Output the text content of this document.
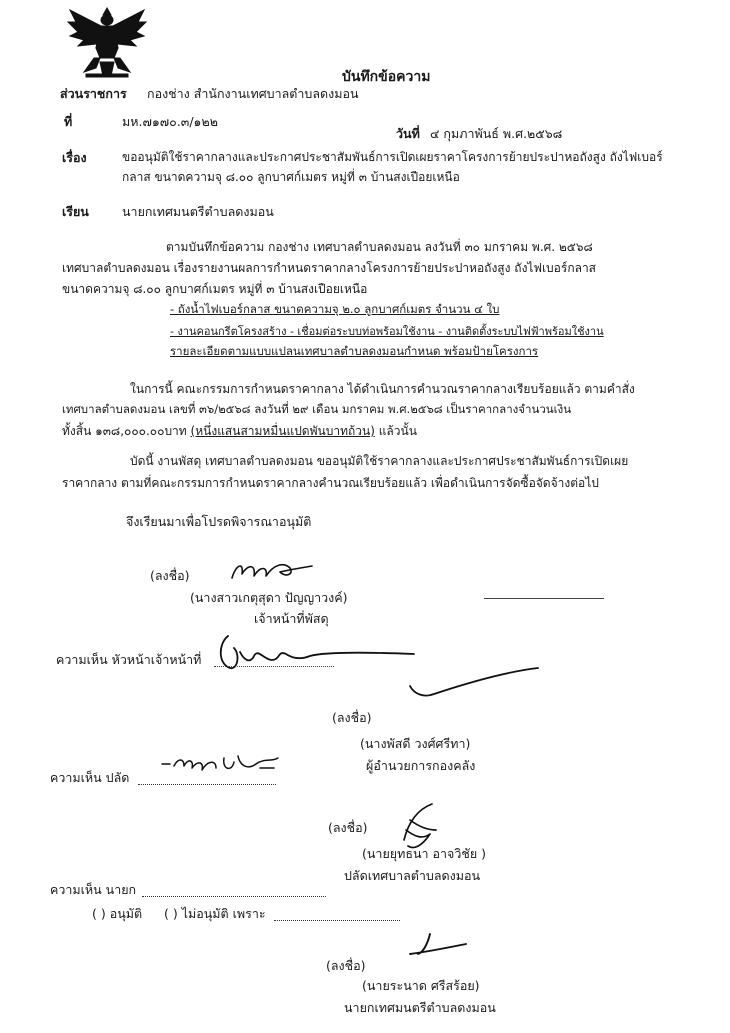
บันทึกข้อความ
ส่วนราชการ กองช่าง สำนักงานเทศบาลตำบลดงมอน
ที่	มห.๗๑๗๐.๓/๑๒๒
วันที่ ๔ กุมภาพันธ์ พ.ศ.๒๕๖๘
เรื่อง	ขออนุมัติใช้ราคากลางและประกาศประชาสัมพันธ์การเปิดเผยราคาโครงการย้ายประปาหอถังสูง ถังไฟเบอร์
กลาส ขนาดความจุ ๘.๐๐ ลูกบาศก์เมตร หมู่ที่ ๓ บ้านสงเปือยเหนือ
เรียน	นายกเทศมนตรีตำบลดงมอน
ตามบันทึกข้อความ กองช่าง เทศบาลตำบลดงมอน ลงวันที่ ๓๐ มกราคม พ.ศ. ๒๕๖๘
เทศบาลตำบลดงมอน เรื่องรายงานผลการกำหนดราคากลางโครงการย้ายประปาหอถังสูง ถังไฟเบอร์กลาส
ขนาดความจุ ๘.๐๐ ลูกบาศก์เมตร หมู่ที่ ๓ บ้านสงเปือยเหนือ
- ถังน้ำไฟเบอร์กลาส ขนาดความจุ ๒.๐ ลูกบาศก์เมตร จำนวน ๔ ใบ
- งานคอนกรีตโครงสร้าง - เชื่อมต่อระบบท่อพร้อมใช้งาน - งานติดตั้งระบบไฟฟ้าพร้อมใช้งาน
รายละเอียดตามแบบแปลนเทศบาลตำบลดงมอนกำหนด พร้อมป้ายโครงการ
ในการนี้ คณะกรรมการกำหนดราคากลาง ได้ดำเนินการคำนวณราคากลางเรียบร้อยแล้ว ตามคำสั่ง
เทศบาลตำบลดงมอน เลขที่ ๓๖/๒๕๖๘ ลงวันที่ ๒๙ เดือน มกราคม พ.ศ.๒๕๖๘ เป็นราคากลางจำนวนเงิน
ทั้งสิ้น ๑๓๘,๐๐๐.๐๐บาท (หนึ่งแสนสามหมื่นแปดพันบาทถ้วน) แล้วนั้น
บัดนี้ งานพัสดุ เทศบาลตำบลดงมอน ขออนุมัติใช้ราคากลางและประกาศประชาสัมพันธ์การเปิดเผย
ราคากลาง ตามที่คณะกรรมการกำหนดราคากลางคำนวณเรียบร้อยแล้ว เพื่อดำเนินการจัดซื้อจัดจ้างต่อไป
จึงเรียนมาเพื่อโปรดพิจารณาอนุมัติ
(ลงชื่อ)
(นางสาวเกตุสุดา ปัญญาวงค์)
เจ้าหน้าที่พัสดุ
ความเห็น หัวหน้าเจ้าหน้าที่
(ลงชื่อ)
(นางพัสดี วงศ์ศรีทา)
ผู้อำนวยการกองคลัง
ความเห็น ปลัด
(ลงชื่อ)
(นายยุทธนา อาจวิชัย )
ปลัดเทศบาลตำบลดงมอน
ความเห็น นายก
( ) อนุมัติ ( ) ไม่อนุมัติ เพราะ
(ลงชื่อ)
(นายระนาด ศรีสร้อย)
นายกเทศมนตรีตำบลดงมอน
